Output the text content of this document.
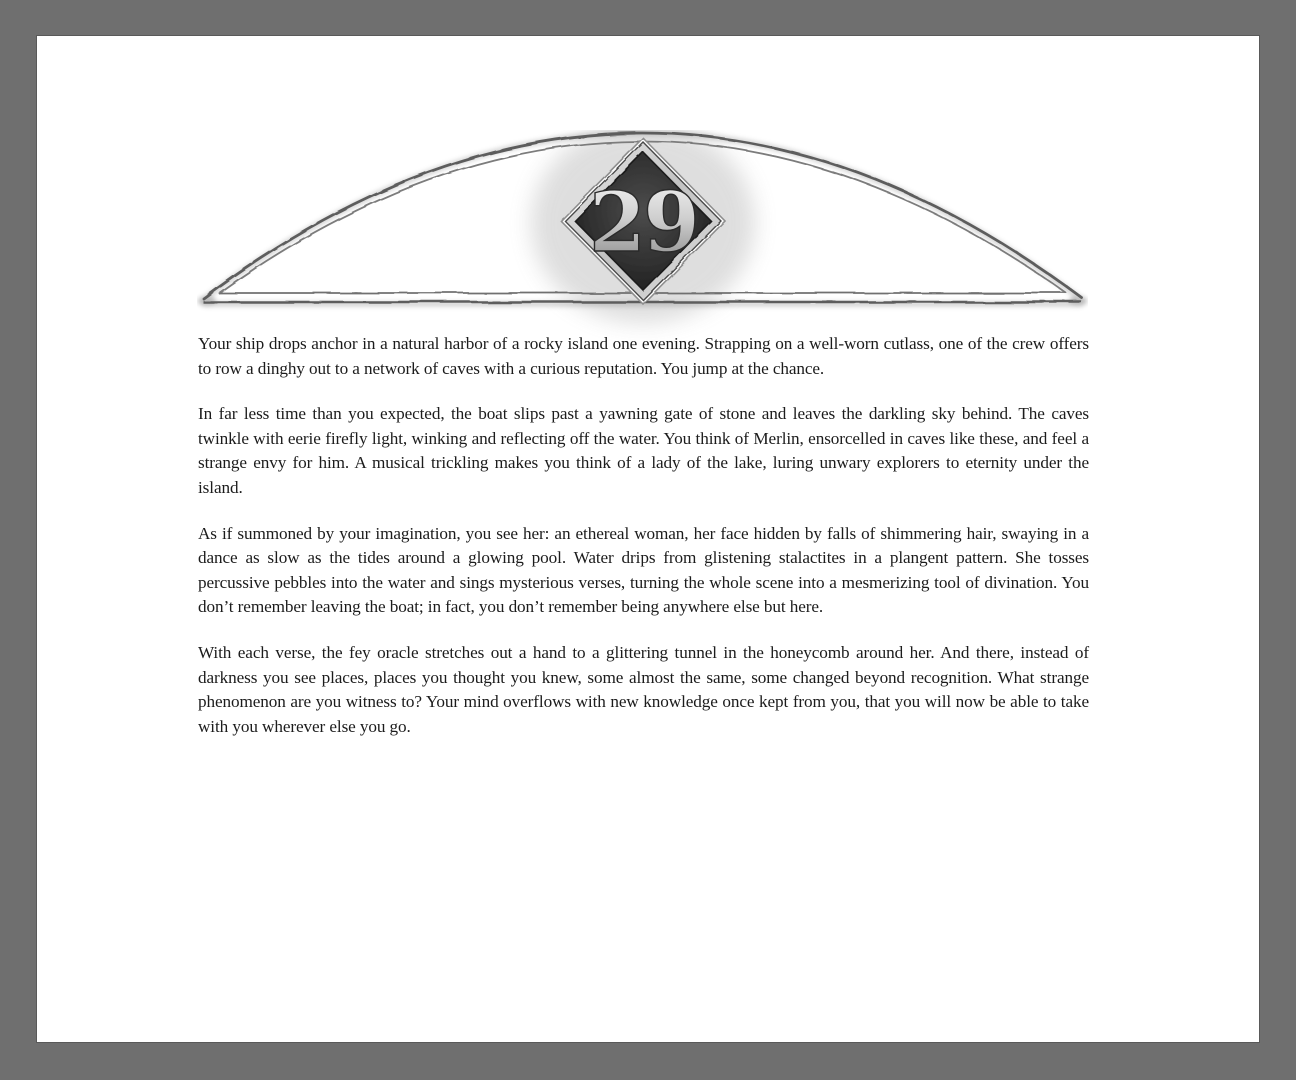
29

Your ship drops anchor in a natural harbor of a rocky island one evening. Strapping on a well-worn cutlass, one of the crew offers to row a dinghy out to a network of caves with a curious reputation. You jump at the chance.

In far less time than you expected, the boat slips past a yawning gate of stone and leaves the darkling sky behind. The caves twinkle with eerie firefly light, winking and reflecting off the water. You think of Merlin, ensorcelled in caves like these, and feel a strange envy for him. A musical trickling makes you think of a lady of the lake, luring unwary explorers to eternity under the island.

As if summoned by your imagination, you see her: an ethereal woman, her face hidden by falls of shimmering hair, swaying in a dance as slow as the tides around a glowing pool. Water drips from glistening stalactites in a plangent pattern. She tosses percussive pebbles into the water and sings mysterious verses, turning the whole scene into a mesmerizing tool of divination. You don’t remember leaving the boat; in fact, you don’t remember being anywhere else but here.

With each verse, the fey oracle stretches out a hand to a glittering tunnel in the honeycomb around her. And there, instead of darkness you see places, places you thought you knew, some almost the same, some changed beyond recognition. What strange phenomenon are you witness to? Your mind overflows with new knowledge once kept from you, that you will now be able to take with you wherever else you go.
